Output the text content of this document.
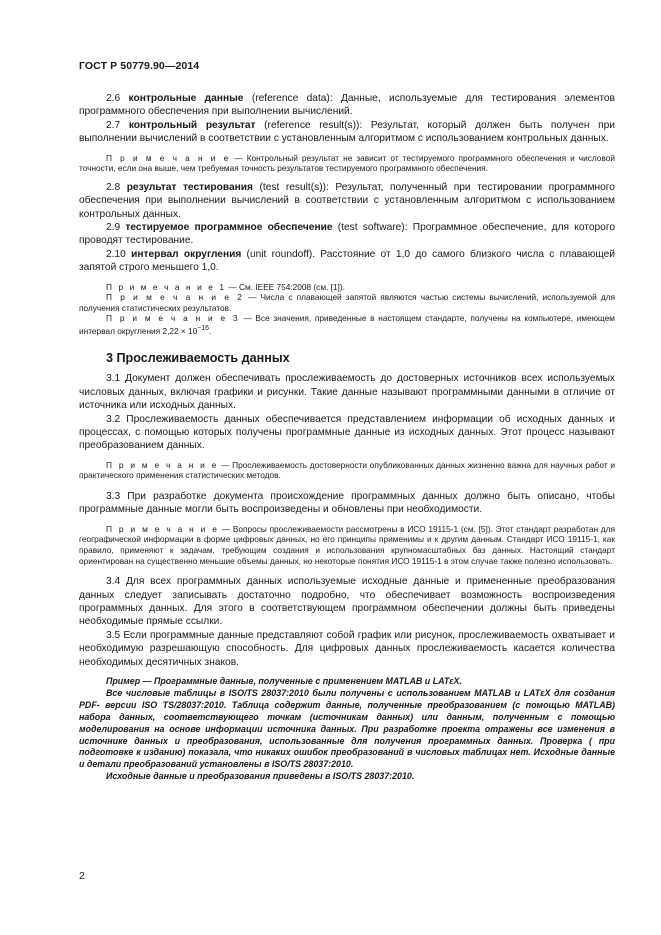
ГОСТ Р 50779.90—2014

2.6 контрольные данные (reference data): Данные, используемые для тестирования элементов программного обеспечения при выполнении вычислений.

2.7 контрольный результат (reference result(s)): Результат, который должен быть получен при выполнении вычислений в соответствии с установленным алгоритмом с использованием контрольных данных.

П р и м е ч а н и е — Контрольный результат не зависит от тестируемого программного обеспечения и числовой точности, если она выше, чем требуемая точность результатов тестируемого программного обеспечения.

2.8 результат тестирования (test result(s)): Результат, полученный при тестировании программного обеспечения при выполнении вычислений в соответствии с установленным алгоритмом с использованием контрольных данных.

2.9 тестируемое программное обеспечение (test software): Программное обеспечение, для которого проводят тестирование.

2.10 интервал округления (unit roundoff). Расстояние от 1,0 до самого близкого числа с плавающей запятой строго меньшего 1,0.

П р и м е ч а н и е 1 — См. IEEE 754:2008 (см. [1]).

П р и м е ч а н и е 2 — Числа с плавающей запятой являются частью системы вычислений, используемой для получения статистических результатов.

П р и м е ч а н и е 3 — Все значения, приведенные в настоящем стандарте, получены на компьютере, имеющем интервал округления $2,22 \times 10^{-16}$.

3 Прослеживаемость данных

3.1 Документ должен обеспечивать прослеживаемость до достоверных источников всех используемых числовых данных, включая графики и рисунки. Такие данные называют программными данными в отличие от источника или исходных данных.

3.2 Прослеживаемость данных обеспечивается представлением информации об исходных данных и процессах, с помощью которых получены программные данные из исходных данных. Этот процесс называют преобразованием данных.

П р и м е ч а н и е — Прослеживаемость достоверности опубликованных данных жизненно важна для научных работ и практического применения статистических методов.

3.3 При разработке документа происхождение программных данных должно быть описано, чтобы программные данные могли быть воспроизведены и обновлены при необходимости.

П р и м е ч а н и е — Вопросы прослеживаемости рассмотрены в ИСО 19115-1 (см. [5]). Этот стандарт разработан для географической информации в форме цифровых данных, но его принципы применимы и к другим данным. Стандарт ИСО 19115-1, как правило, применяют к задачам, требующим создания и использования крупномасштабных баз данных. Настоящий стандарт ориентирован на существенно меньшие объемы данных, но некоторые понятия ИСО 19115-1 в этом случае также полезно использовать.

3.4 Для всех программных данных используемые исходные данные и примененные преобразования данных следует записывать достаточно подробно, что обеспечивает возможность воспроизведения программных данных. Для этого в соответствующем программном обеспечении должны быть приведены необходимые прямые ссылки.

3.5 Если программные данные представляют собой график или рисунок, прослеживаемость охватывает и необходимую разрешающую способность. Для цифровых данных прослеживаемость касается количества необходимых десятичных знаков.

Пример — Программные данные, полученные с применением MATLAB и LATεX.

Все числовые таблицы в ISO/TS 28037:2010 были получены с использованием MATLAB и LATεX для создания PDF- версии ISO TS/28037:2010. Таблица содержит данные, полученные преобразованием (с помощью MATLAB) набора данных, соответствующего точкам (источникам данных) или данным, полученным с помощью моделирования на основе информации источника данных. При разработке проекта отражены все изменения в источнике данных и преобразования, использованные для получения программных данных. Проверка ( при подготовке к изданию) показала, что никаких ошибок преобразований в числовых таблицах нет. Исходные данные и детали преобразований установлены в ISO/TS 28037:2010.

Исходные данные и преобразования приведены в ISO/TS 28037:2010.

2
